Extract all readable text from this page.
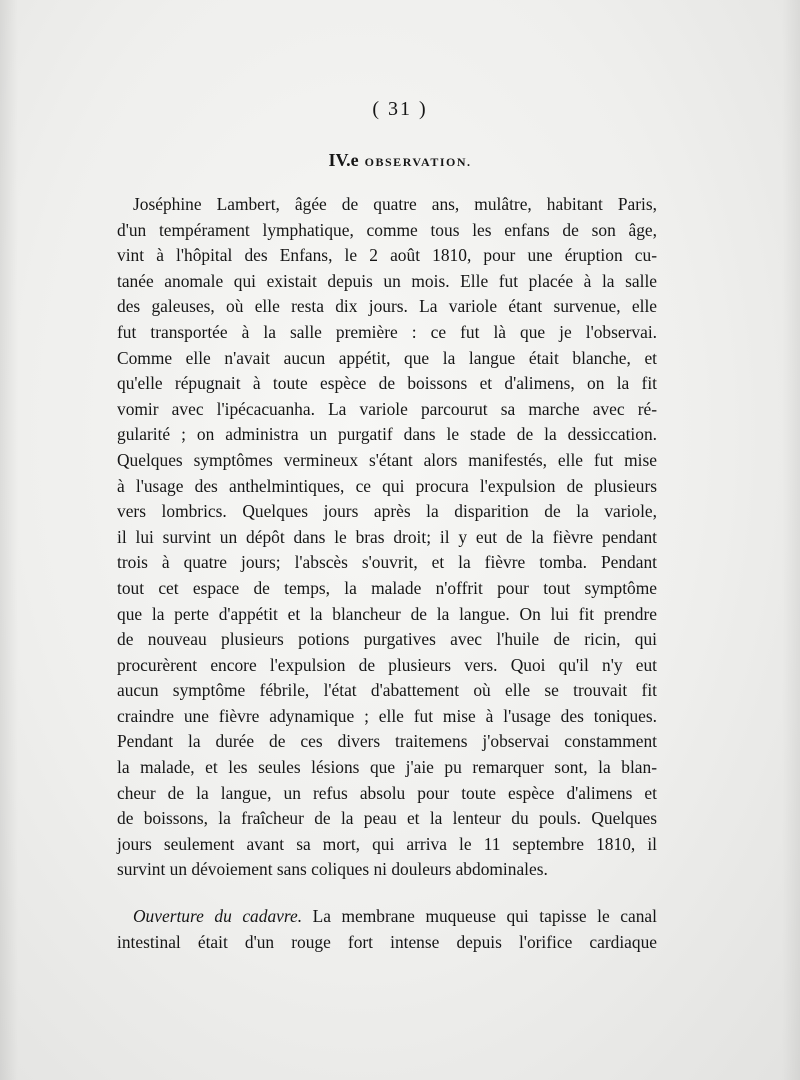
( 31 )
IV.e OBSERVATION.
Joséphine Lambert, âgée de quatre ans, mulâtre, habitant Paris,
d'un tempérament lymphatique, comme tous les enfans de son âge,
vint à l'hôpital des Enfans, le 2 août 1810, pour une éruption cu-
tanée anomale qui existait depuis un mois. Elle fut placée à la salle
des galeuses, où elle resta dix jours. La variole étant survenue, elle
fut transportée à la salle première : ce fut là que je l'observai.
Comme elle n'avait aucun appétit, que la langue était blanche, et
qu'elle répugnait à toute espèce de boissons et d'alimens, on la fit
vomir avec l'ipécacuanha. La variole parcourut sa marche avec ré-
gularité ; on administra un purgatif dans le stade de la dessiccation.
Quelques symptômes vermineux s'étant alors manifestés, elle fut mise
à l'usage des anthelmintiques, ce qui procura l'expulsion de plusieurs
vers lombrics. Quelques jours après la disparition de la variole,
il lui survint un dépôt dans le bras droit; il y eut de la fièvre pendant
trois à quatre jours; l'abscès s'ouvrit, et la fièvre tomba. Pendant
tout cet espace de temps, la malade n'offrit pour tout symptôme
que la perte d'appétit et la blancheur de la langue. On lui fit prendre
de nouveau plusieurs potions purgatives avec l'huile de ricin, qui
procurèrent encore l'expulsion de plusieurs vers. Quoi qu'il n'y eut
aucun symptôme fébrile, l'état d'abattement où elle se trouvait fit
craindre une fièvre adynamique ; elle fut mise à l'usage des toniques.
Pendant la durée de ces divers traitemens j'observai constamment
la malade, et les seules lésions que j'aie pu remarquer sont, la blan-
cheur de la langue, un refus absolu pour toute espèce d'alimens et
de boissons, la fraîcheur de la peau et la lenteur du pouls. Quelques
jours seulement avant sa mort, qui arriva le 11 septembre 1810, il
survint un dévoiement sans coliques ni douleurs abdominales.
Ouverture du cadavre. La membrane muqueuse qui tapisse le canal
intestinal était d'un rouge fort intense depuis l'orifice cardiaque
